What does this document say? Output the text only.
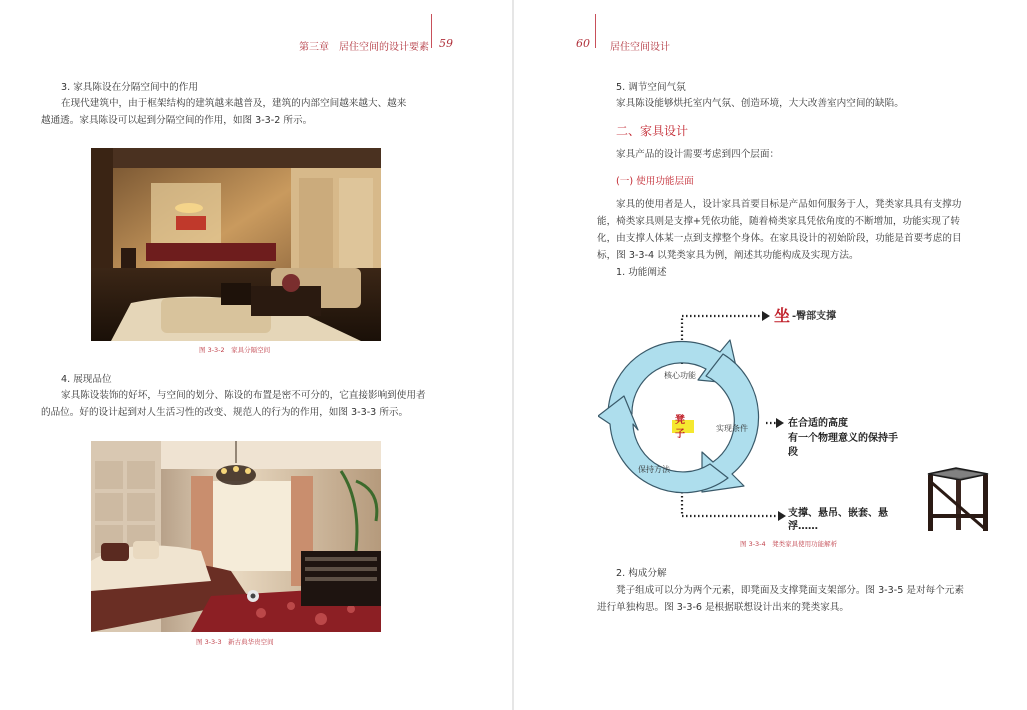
第三章　居住空间的设计要素 59
3. 家具陈设在分隔空间中的作用
在现代建筑中，由于框架结构的建筑越来越普及，建筑的内部空间越来越大、越来
越通透。家具陈设可以起到分隔空间的作用，如图 3-3-2 所示。
图 3-3-2　家具分隔空间
4. 展现品位
家具陈设装饰的好坏，与空间的划分、陈设的布置是密不可分的，它直接影响到使用者
的品位。好的设计起到对人生活习性的改变、规范人的行为的作用，如图 3-3-3 所示。
图 3-3-3　新古典华贵空间
60 居住空间设计
5. 调节空间气氛
家具陈设能够烘托室内气氛、创造环境，大大改善室内空间的缺陷。
二、家具设计
家具产品的设计需要考虑到四个层面：
(一) 使用功能层面
家具的使用者是人，设计家具首要目标是产品如何服务于人，凳类家具具有支撑功
能，椅类家具则是支撑+凭依功能，随着椅类家具凭依角度的不断增加，功能实现了转
化，由支撑人体某一点到支撑整个身体。在家具设计的初始阶段，功能是首要考虑的目
标，图 3-3-4 以凳类家具为例，阐述其功能构成及实现方法。
1. 功能阐述
核心功能
实现条件
保持方法
凳
子
坐 -臀部支撑
在合适的高度
有一个物理意义的保持手
段
支撑、悬吊、嵌套、悬
浮……
图 3-3-4　凳类家具使用功能解析
2. 构成分解
凳子组成可以分为两个元素，即凳面及支撑凳面支架部分。图 3-3-5 是对每个元素
进行单独构思。图 3-3-6 是根据联想设计出来的凳类家具。
